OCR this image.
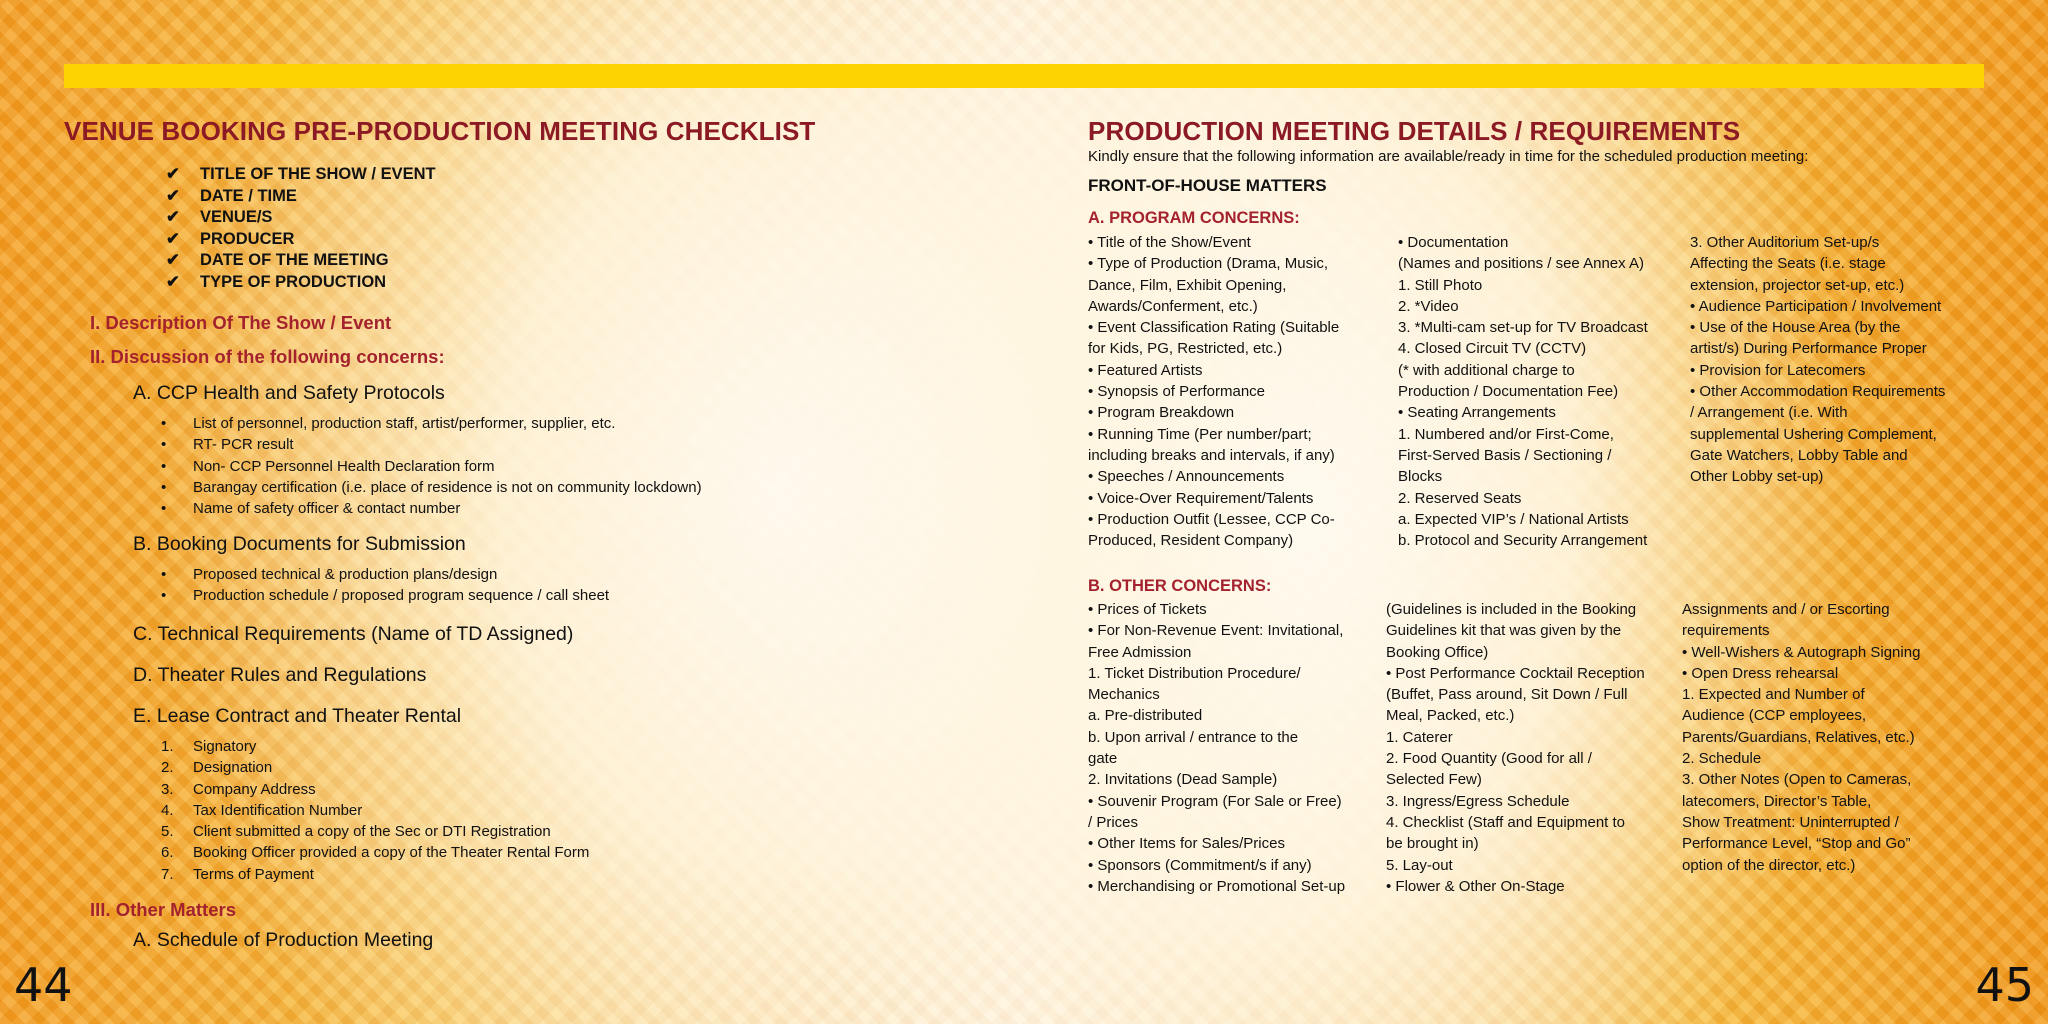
VENUE BOOKING PRE-PRODUCTION MEETING CHECKLIST
✔ TITLE OF THE SHOW / EVENT
✔ DATE / TIME
✔ VENUE/S
✔ PRODUCER
✔ DATE OF THE MEETING
✔ TYPE OF PRODUCTION
I. Description Of The Show / Event
II. Discussion of the following concerns:
A. CCP Health and Safety Protocols
• List of personnel, production staff, artist/performer, supplier, etc.
• RT- PCR result
• Non- CCP Personnel Health Declaration form
• Barangay certification (i.e. place of residence is not on community lockdown)
• Name of safety officer & contact number
B. Booking Documents for Submission
• Proposed technical & production plans/design
• Production schedule / proposed program sequence / call sheet
C. Technical Requirements (Name of TD Assigned)
D. Theater Rules and Regulations
E. Lease Contract and Theater Rental
1. Signatory
2. Designation
3. Company Address
4. Tax Identification Number
5. Client submitted a copy of the Sec or DTI Registration
6. Booking Officer provided a copy of the Theater Rental Form
7. Terms of Payment
III. Other Matters
A. Schedule of Production Meeting
44
PRODUCTION MEETING DETAILS / REQUIREMENTS
Kindly ensure that the following information are available/ready in time for the scheduled production meeting:
FRONT-OF-HOUSE MATTERS
A. PROGRAM CONCERNS:
• Title of the Show/Event
• Type of Production (Drama, Music,
Dance, Film, Exhibit Opening,
Awards/Conferment, etc.)
• Event Classification Rating (Suitable
for Kids, PG, Restricted, etc.)
• Featured Artists
• Synopsis of Performance
• Program Breakdown
• Running Time (Per number/part;
including breaks and intervals, if any)
• Speeches / Announcements
• Voice-Over Requirement/Talents
• Production Outfit (Lessee, CCP Co-
Produced, Resident Company)
• Documentation
(Names and positions / see Annex A)
1. Still Photo
2. *Video
3. *Multi-cam set-up for TV Broadcast
4. Closed Circuit TV (CCTV)
(* with additional charge to
Production / Documentation Fee)
• Seating Arrangements
1. Numbered and/or First-Come,
First-Served Basis / Sectioning /
Blocks
2. Reserved Seats
a. Expected VIP’s / National Artists
b. Protocol and Security Arrangement
3. Other Auditorium Set-up/s
Affecting the Seats (i.e. stage
extension, projector set-up, etc.)
• Audience Participation / Involvement
• Use of the House Area (by the
artist/s) During Performance Proper
• Provision for Latecomers
• Other Accommodation Requirements
/ Arrangement (i.e. With
supplemental Ushering Complement,
Gate Watchers, Lobby Table and
Other Lobby set-up)
B. OTHER CONCERNS:
• Prices of Tickets
• For Non-Revenue Event: Invitational,
Free Admission
1. Ticket Distribution Procedure/
Mechanics
a. Pre-distributed
b. Upon arrival / entrance to the
gate
2. Invitations (Dead Sample)
• Souvenir Program (For Sale or Free)
/ Prices
• Other Items for Sales/Prices
• Sponsors (Commitment/s if any)
• Merchandising or Promotional Set-up
(Guidelines is included in the Booking
Guidelines kit that was given by the
Booking Office)
• Post Performance Cocktail Reception
(Buffet, Pass around, Sit Down / Full
Meal, Packed, etc.)
1. Caterer
2. Food Quantity (Good for all /
Selected Few)
3. Ingress/Egress Schedule
4. Checklist (Staff and Equipment to
be brought in)
5. Lay-out
• Flower & Other On-Stage
Assignments and / or Escorting
requirements
• Well-Wishers & Autograph Signing
• Open Dress rehearsal
1. Expected and Number of
Audience (CCP employees,
Parents/Guardians, Relatives, etc.)
2. Schedule
3. Other Notes (Open to Cameras,
latecomers, Director’s Table,
Show Treatment: Uninterrupted /
Performance Level, “Stop and Go”
option of the director, etc.)
45
